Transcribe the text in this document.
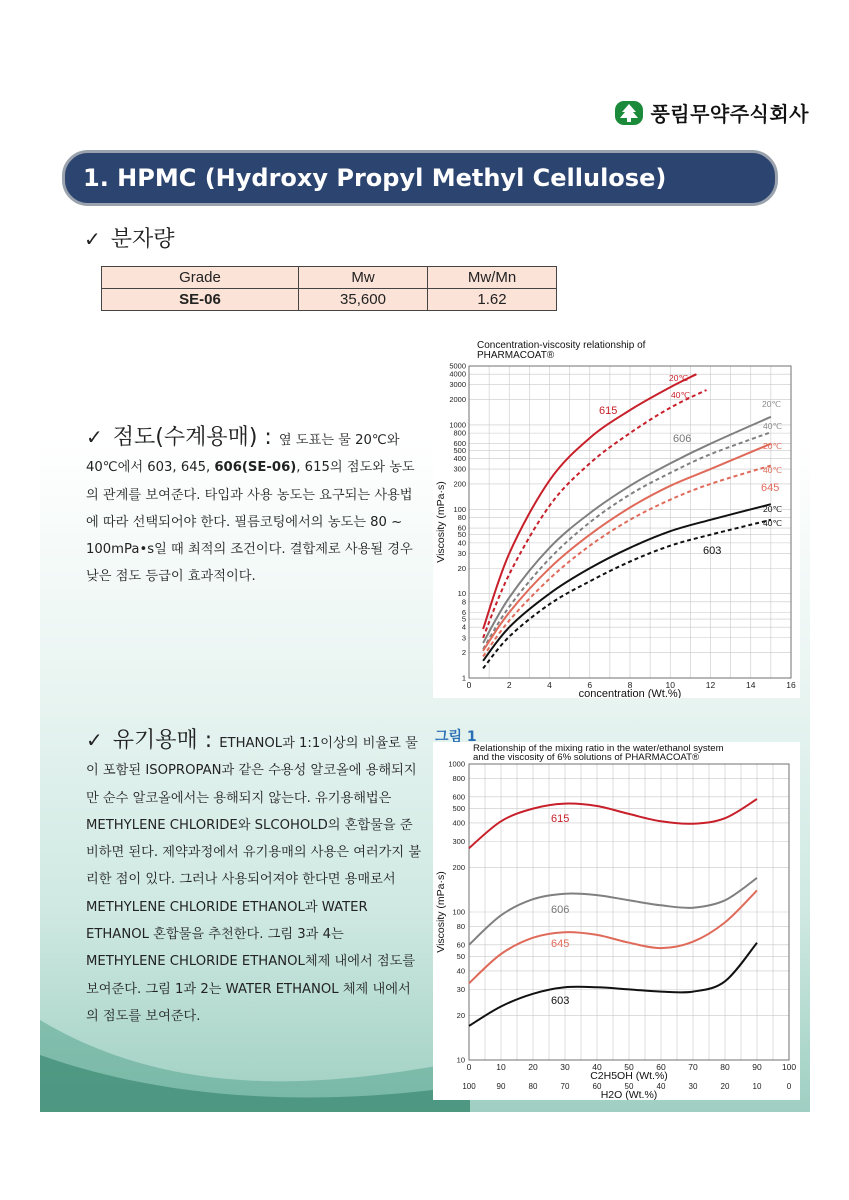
풍림무약주식회사
1. HPMC (Hydroxy Propyl Methyl Cellulose)
✓ 분자량
Grade	Mw	Mw/Mn
SE-06	35,600	1.62
✓ 점도(수계용매) : 옆 도표는 물 20℃와 40℃에서 603, 645, 606(SE-06), 615의 점도와 농도의 관계를 보여준다. 타입과 사용 농도는 요구되는 사용법에 따라 선택되어야 한다. 필름코팅에서의 농도는 80 ~ 100mPa•s일 때 최적의 조건이다. 결합제로 사용될 경우 낮은 점도 등급이 효과적이다.
✓ 유기용매 : ETHANOL과 1:1이상의 비율로 물이 포함된 ISOPROPAN과 같은 수용성 알코올에 용해되지만 순수 알코올에서는 용해되지 않는다. 유기용해법은 METHYLENE CHLORIDE와 SLCOHOLD의 혼합물을 준비하면 된다. 제약과정에서 유기용매의 사용은 여러가지 불리한 점이 있다. 그러나 사용되어져야 한다면 용매로서 METHYLENE CHLORIDE ETHANOL과 WATER ETHANOL 혼합물을 추천한다. 그림 3과 4는 METHYLENE CHLORIDE ETHANOL체제 내에서 점도를 보여준다. 그림 1과 2는 WATER ETHANOL 체제 내에서의 점도를 보여준다.
Concentration-viscosity relationship of
PHARMACOAT®
1
2
3
4
5
6
8
10
20
30
40
50
60
80
100
200
300
400
500
600
800
1000
2000
3000
4000
5000
0	2	4	6	8	10	12	14	16
concentration (Wt.%)
Viscosity (mPa·s)
615
606
603
20℃
40℃
20℃
40℃
20℃
40℃
645
20℃
40℃
그림 1
Relationship of the mixing ratio in the water/ethanol system
and the viscosity of 6% solutions of PHARMACOAT®
10
20
30
40
50
60
80
100
200
300
400
500
600
800
1000
0	10	20	30	40	50	60	70	80	90 100
100	90	80	70	60	50	40	30	20	10	0
C2H5OH (Wt.%)
H2O (Wt.%)
Viscosity (mPa·s)
615
606
645
603
